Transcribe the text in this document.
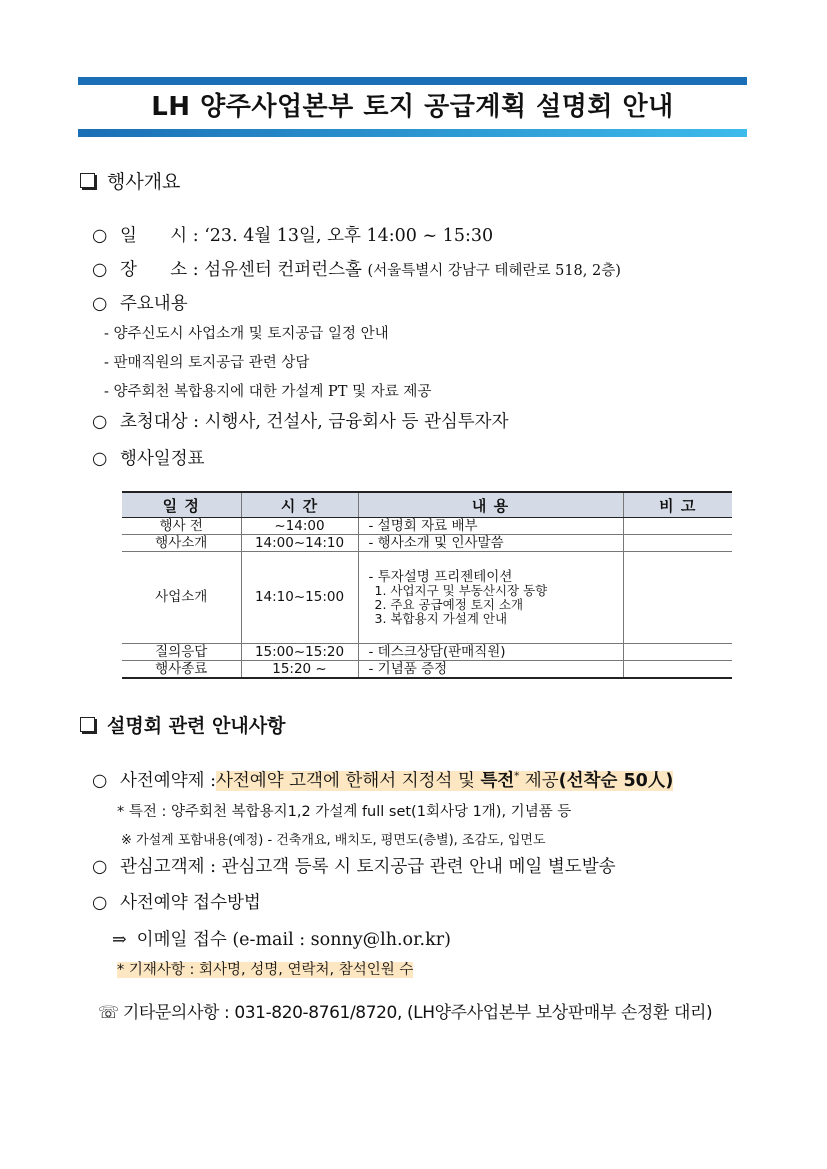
LH 양주사업본부 토지 공급계획 설명회 안내
행사개요
○ 일      시 : ‘23. 4월 13일, 오후 14:00 ~ 15:30
○ 장      소 : 섬유센터 컨퍼런스홀 (서울특별시 강남구 테헤란로 518, 2층)
○ 주요내용
- 양주신도시 사업소개 및 토지공급 일정 안내
- 판매직원의 토지공급 관련 상담
- 양주회천 복합용지에 대한 가설계 PT 및 자료 제공
○ 초청대상 : 시행사, 건설사, 금융회사 등 관심투자자
○ 행사일정표
일 정	시 간	내 용	비 고
행사 전	~14:00	- 설명회 자료 배부	
행사소개	14:00~14:10	- 행사소개 및 인사말씀	
사업소개	14:10~15:00	- 투자설명 프리젠테이션
1. 사업지구 및 부동산시장 동향
2. 주요 공급예정 토지 소개
3. 복합용지 가설계 안내	

질의응답	15:00~15:20	- 데스크상담(판매직원)	
행사종료	15:20 ~	- 기념품 증정	
설명회 관련 안내사항
○ 사전예약제 :사전예약 고객에 한해서 지정석 및 특전* 제공(선착순 50人)
* 특전 : 양주회천 복합용지1,2 가설계 full set(1회사당 1개), 기념품 등
※ 가설계 포함내용(예정) - 건축개요, 배치도, 평면도(층별), 조감도, 입면도
○ 관심고객제 : 관심고객 등록 시 토지공급 관련 안내 메일 별도발송
○ 사전예약 접수방법
⇒ 이메일 접수 (e-mail : sonny@lh.or.kr)
* 기재사항 : 회사명, 성명, 연락처, 참석인원 수
☏ 기타문의사항 : 031-820-8761/8720, (LH양주사업본부 보상판매부 손정환 대리)
